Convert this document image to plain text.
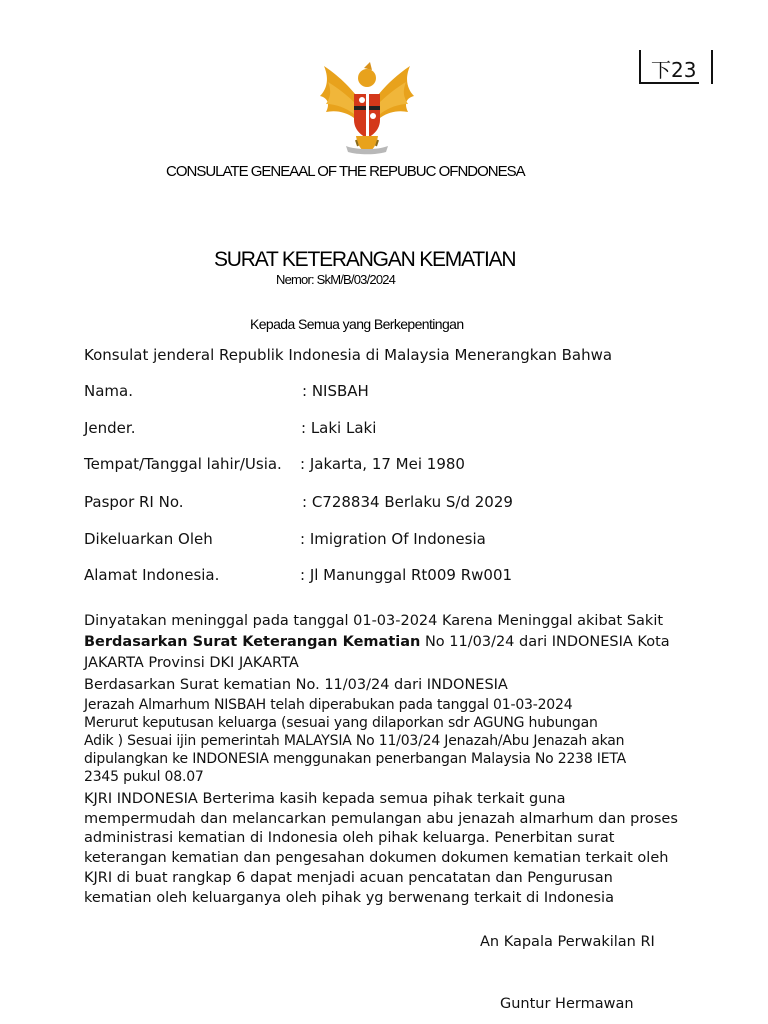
下23
CONSULATE GENEAAL OF THE REPUBUC OFNDONESA
SURAT KETERANGAN KEMATIAN
Nemor: SkM/B/03/2024
Kepada Semua yang Berkepentingan
Konsulat jenderal Republik Indonesia di Malaysia Menerangkan Bahwa
Nama.	: NISBAH
Jender.	: Laki Laki
Tempat/Tanggal lahir/Usia. : Jakarta, 17 Mei 1980
Paspor RI No.	: C728834 Berlaku S/d 2029
Dikeluarkan Oleh	: Imigration Of Indonesia
Alamat Indonesia.	: Jl Manunggal Rt009 Rw001
Dinyatakan meninggal pada tanggal 01-03-2024 Karena Meninggal akibat Sakit
Berdasarkan Surat Keterangan Kematian No 11/03/24 dari INDONESIA Kota
JAKARTA Provinsi DKI JAKARTA
Berdasarkan Surat kematian No. 11/03/24 dari INDONESIA
Jerazah Almarhum NISBAH telah diperabukan pada tanggal 01-03-2024
Merurut keputusan keluarga (sesuai yang dilaporkan sdr AGUNG hubungan
Adik ) Sesuai ijin pemerintah MALAYSIA No 11/03/24 Jenazah/Abu Jenazah akan
dipulangkan ke INDONESIA menggunakan penerbangan Malaysia No 2238 IETA
2345 pukul 08.07
KJRI INDONESIA Berterima kasih kepada semua pihak terkait guna
mempermudah dan melancarkan pemulangan abu jenazah almarhum dan proses
administrasi kematian di Indonesia oleh pihak keluarga. Penerbitan surat
keterangan kematian dan pengesahan dokumen dokumen kematian terkait oleh
KJRI di buat rangkap 6 dapat menjadi acuan pencatatan dan Pengurusan
kematian oleh keluarganya oleh pihak yg berwenang terkait di Indonesia
An Kapala Perwakilan RI
Guntur Hermawan
